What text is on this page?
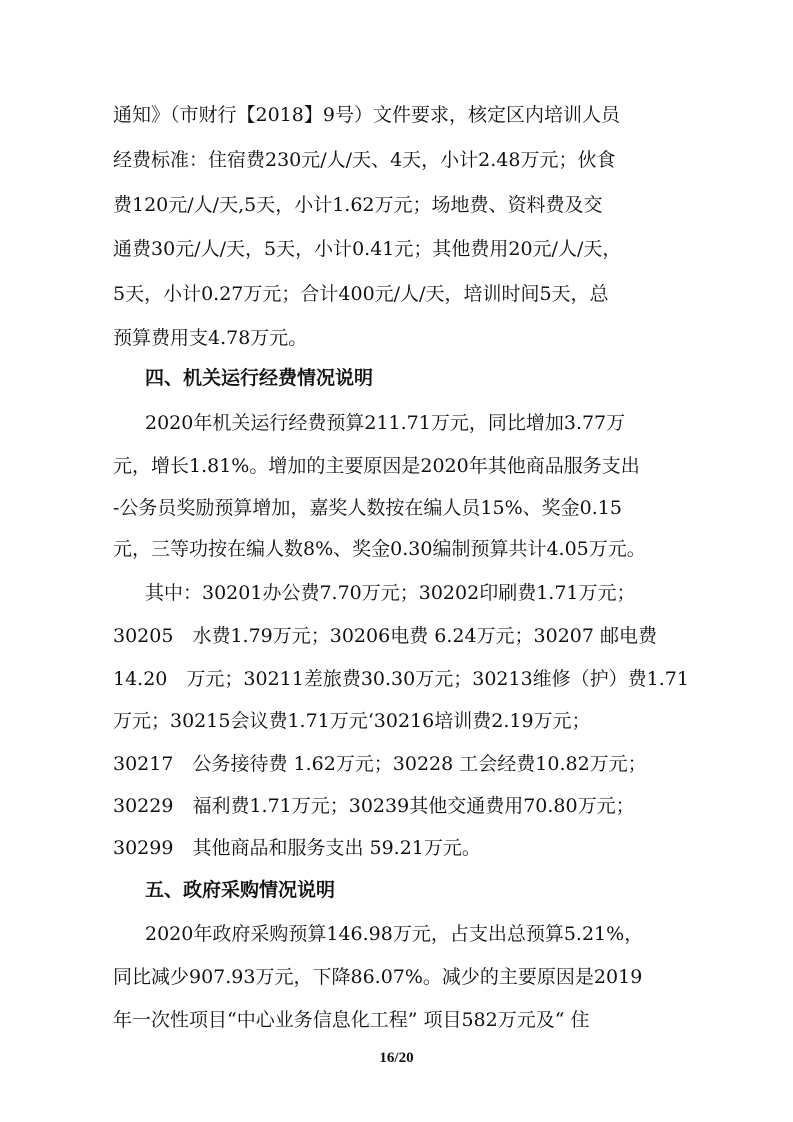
通知》（市财行【2018】9号）文件要求，核定区内培训人员
经费标准：住宿费230元/人/天、4天，小计2.48万元；伙食
费120元/人/天,5天，小计1.62万元；场地费、资料费及交
通费30元/人/天，5天，小计0.41元；其他费用20元/人/天，
5天，小计0.27万元；合计400元/人/天，培训时间5天，总
预算费用支4.78万元。
四、机关运行经费情况说明
2020年机关运行经费预算211.71万元，同比增加3.77万
元，增长1.81%。增加的主要原因是2020年其他商品服务支出
-公务员奖励预算增加，嘉奖人数按在编人员15%、奖金0.15
元，三等功按在编人数8%、奖金0.30编制预算共计4.05万元。
其中：30201办公费7.70万元；30202印刷费1.71万元；
30205　水费1.79万元；30206电费 6.24万元；30207 邮电费
14.20　万元；30211差旅费30.30万元；30213维修（护）费1.71
万元；30215会议费1.71万元‘30216培训费2.19万元；
30217　公务接待费 1.62万元；30228 工会经费10.82万元；
30229　福利费1.71万元；30239其他交通费用70.80万元；
30299　其他商品和服务支出 59.21万元。
五、政府采购情况说明
2020年政府采购预算146.98万元，占支出总预算5.21%，
同比减少907.93万元，下降86.07%。减少的主要原因是2019
年一次性项目“中心业务信息化工程” 项目582万元及“ 住
16/20
